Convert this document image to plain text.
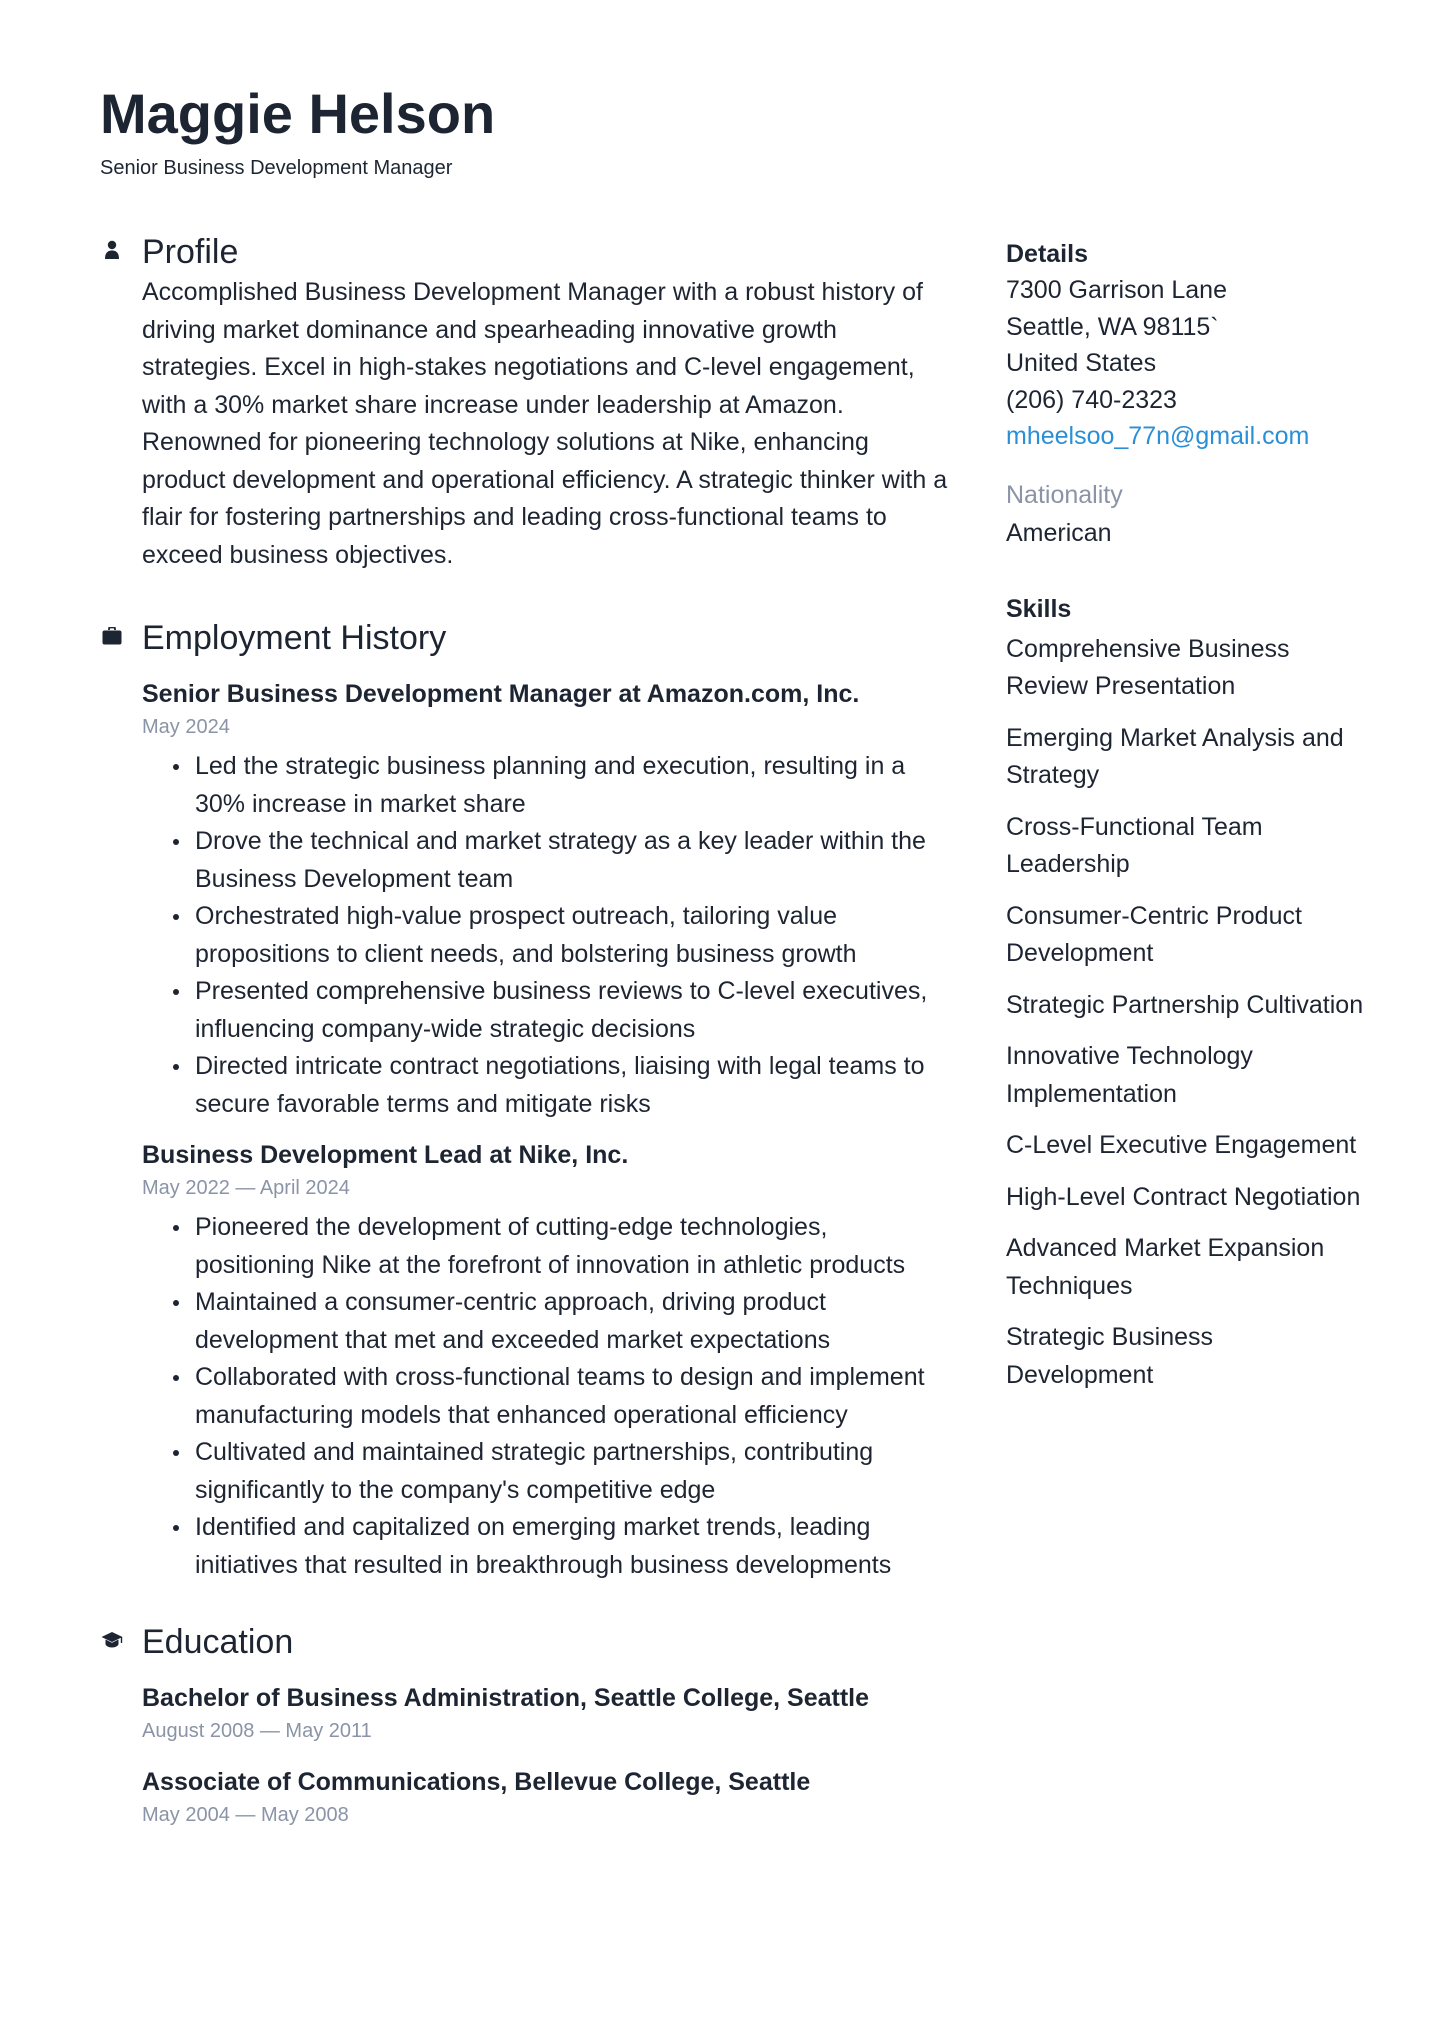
Maggie Helson
Senior Business Development Manager
Profile

Accomplished Business Development Manager with a robust history of driving market dominance and spearheading innovative growth strategies. Excel in high-stakes negotiations and C-level engagement, with a 30% market share increase under leadership at Amazon. Renowned for pioneering technology solutions at Nike, enhancing product development and operational efficiency. A strategic thinker with a flair for fostering partnerships and leading cross-functional teams to exceed business objectives.

Employment History
Senior Business Development Manager at Amazon.com, Inc.
May 2024
Led the strategic business planning and execution, resulting in a 30% increase in market share
Drove the technical and market strategy as a key leader within the Business Development team
Orchestrated high-value prospect outreach, tailoring value propositions to client needs, and bolstering business growth
Presented comprehensive business reviews to C-level executives, influencing company-wide strategic decisions
Directed intricate contract negotiations, liaising with legal teams to secure favorable terms and mitigate risks
Business Development Lead at Nike, Inc.
May 2022 — April 2024
Pioneered the development of cutting-edge technologies, positioning Nike at the forefront of innovation in athletic products
Maintained a consumer-centric approach, driving product development that met and exceeded market expectations
Collaborated with cross-functional teams to design and implement manufacturing models that enhanced operational efficiency
Cultivated and maintained strategic partnerships, contributing significantly to the company's competitive edge
Identified and capitalized on emerging market trends, leading initiatives that resulted in breakthrough business developments
Education
Bachelor of Business Administration, Seattle College, Seattle
August 2008 — May 2011
Associate of Communications, Bellevue College, Seattle
May 2004 — May 2008
Details
7300 Garrison Lane
Seattle, WA 98115`
United States
(206) 740-2323
mheelsoo_77n@gmail.com
Nationality
American
Skills
Comprehensive Business Review Presentation
Emerging Market Analysis and Strategy
Cross-Functional Team Leadership
Consumer-Centric Product Development
Strategic Partnership Cultivation
Innovative Technology Implementation
C-Level Executive Engagement
High-Level Contract Negotiation
Advanced Market Expansion Techniques
Strategic Business Development
